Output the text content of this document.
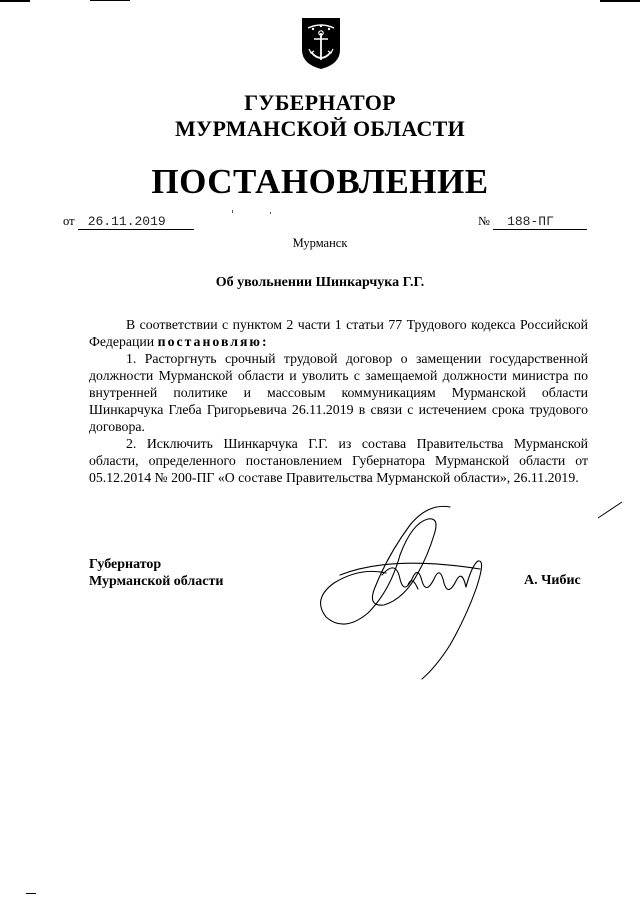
ГУБЕРНАТОР
МУРМАНСКОЙ ОБЛАСТИ
ПОСТАНОВЛЕНИЕ
от 26.11.2019	№ 188-ПГ
Мурманск
Об увольнении Шинкарчука Г.Г.

В соответствии с пунктом 2 части 1 статьи 77 Трудового кодекса Российской Федерации постановляю:

1. Расторгнуть срочный трудовой договор о замещении государственной должности Мурманской области и уволить с замещаемой должности министра по внутренней политике и массовым коммуникациям Мурманской области Шинкарчука Глеба Григорьевича 26.11.2019 в связи с истечением срока трудового договора.

2. Исключить Шинкарчука Г.Г. из состава Правительства Мурманской области, определенного постановлением Губернатора Мурманской области от 05.12.2014 № 200-ПГ «О составе Правительства Мурманской области», 26.11.2019.

Губернатор
Мурманской области	А. Чибис
